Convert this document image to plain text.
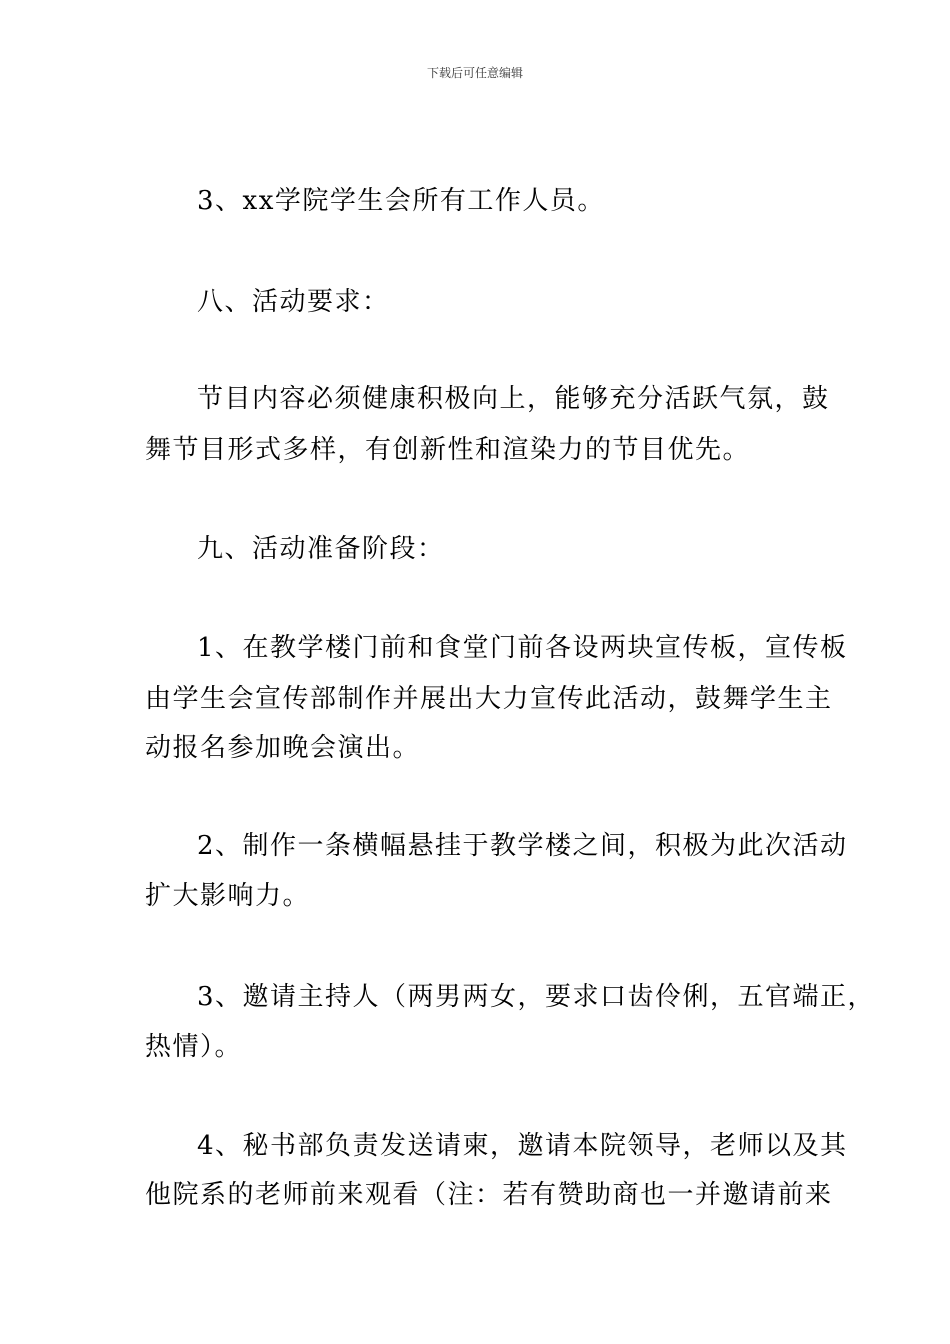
下载后可任意编辑
3、xx学院学生会所有工作人员。
八、活动要求：
节目内容必须健康积极向上，能够充分活跃气氛，鼓
舞节目形式多样，有创新性和渲染力的节目优先。
九、活动准备阶段：
1、在教学楼门前和食堂门前各设两块宣传板，宣传板
由学生会宣传部制作并展出大力宣传此活动，鼓舞学生主
动报名参加晚会演出。
2、制作一条横幅悬挂于教学楼之间，积极为此次活动
扩大影响力。
3、邀请主持人（两男两女，要求口齿伶俐，五官端正，
热情）。
4、秘书部负责发送请柬，邀请本院领导，老师以及其
他院系的老师前来观看（注：若有赞助商也一并邀请前来
